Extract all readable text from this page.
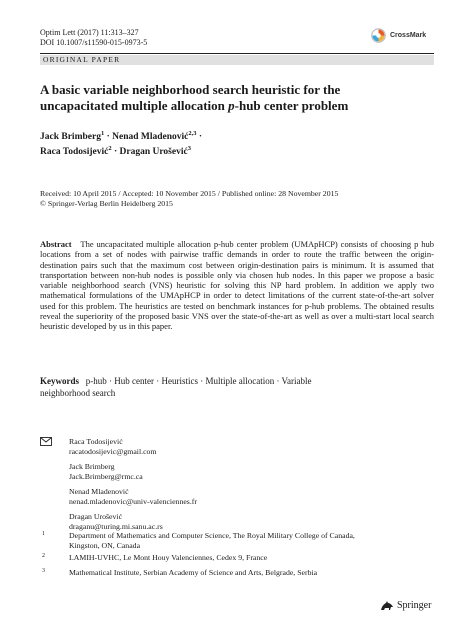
Optim Lett (2017) 11:313–327
DOI 10.1007/s11590-015-0973-5
CrossMark
ORIGINAL PAPER
A basic variable neighborhood search heuristic for the
uncapacitated multiple allocation p-hub center problem
Jack Brimberg$^1$ · Nenad Mladenović$^{2,3}$ ·
Raca Todosijević$^2$ · Dragan Urošević$^3$
Received: 10 April 2015 / Accepted: 10 November 2015 / Published online: 28 November 2015
© Springer-Verlag Berlin Heidelberg 2015
Abstract The uncapacitated multiple allocation p-hub center problem (UMApHCP) consists of choosing p hub locations from a set of nodes with pairwise traffic demands in order to route the traffic between the origin-destination pairs such that the maximum cost between origin-destination pairs is minimum. It is assumed that transportation between non-hub nodes is possible only via chosen hub nodes. In this paper we propose a basic variable neighborhood search (VNS) heuristic for solving this NP hard problem. In addition we apply two mathematical formulations of the UMApHCP in order to detect limitations of the current state-of-the-art solver used for this problem. The heuristics are tested on benchmark instances for p-hub problems. The obtained results reveal the superiority of the proposed basic VNS over the state-of-the-art as well as over a multi-start local search heuristic developed by us in this paper.
Keywords p-hub · Hub center · Heuristics · Multiple allocation · Variable
neighborhood search
Raca Todosijević
racatodosijevic@gmail.com
Jack Brimberg
Jack.Brimberg@rmc.ca
Nenad Mladenović
nenad.mladenovic@univ-valenciennes.fr
Dragan Urošević
draganu@turing.mi.sanu.ac.rs
1	Department of Mathematics and Computer Science, The Royal Military College of Canada,
Kingston, ON, Canada
2	LAMIH-UVHC, Le Mont Houy Valenciennes, Cedex 9, France
3	Mathematical Institute, Serbian Academy of Science and Arts, Belgrade, Serbia
Springer
